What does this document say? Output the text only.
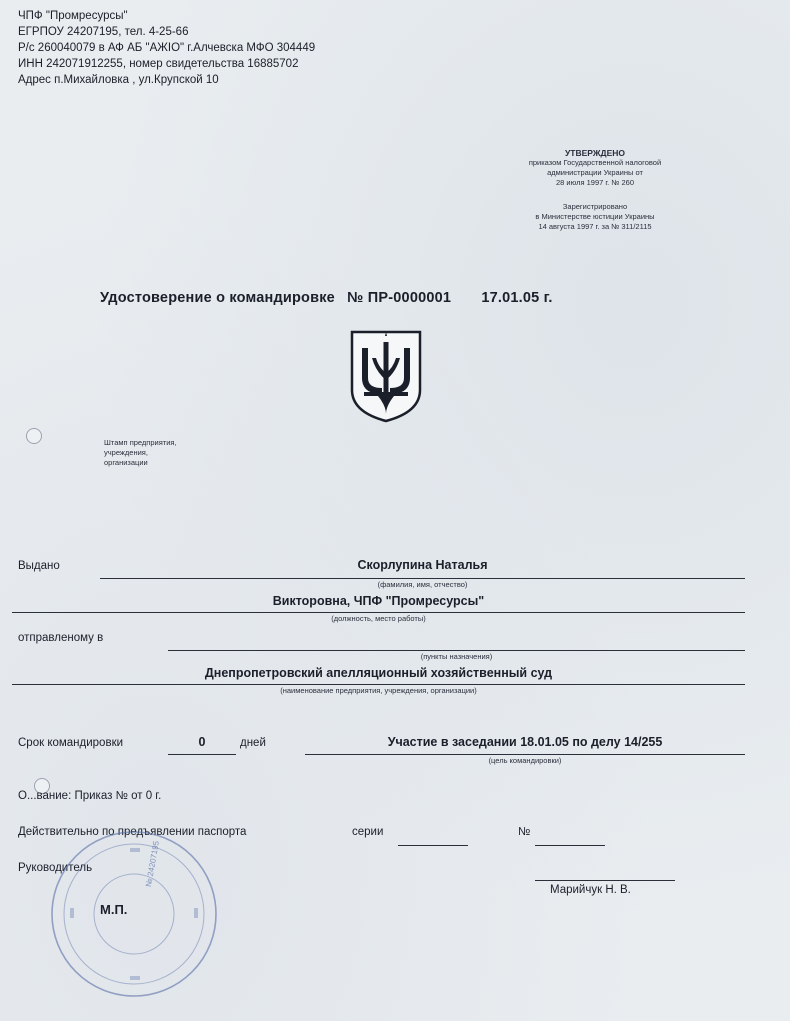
ЧПФ "Промресурсы"
ЕГРПОУ 24207195, тел. 4-25-66
Р/с 260040079 в АФ АБ "АЖІО" г.Алчевска МФО 304449
ИНН 242071912255, номер свидетельства 16885702
Адрес п.Михайловка , ул.Крупской 10
УТВЕРЖДЕНО
приказом Государственной налоговой
администрации Украины от
28 июля 1997 г. № 260
Зарегистрировано
в Министерстве юстиции Украины
14 августа 1997 г. за № 311/2115
Удостоверение о командировке № ПР-0000001 17.01.05 г.
Штамп предприятия,
учреждения,
организации
Выдано	Скорлупина Наталья
(фамилия, имя, отчество)
Викторовна, ЧПФ "Промресурсы"
(должность, место работы)
отправленому в
(пункты назначения)
Днепропетровский апелляционный хозяйственный суд
(наименование предприятия, учреждения, организации)
Срок командировки	0	дней	Участие в заседании 18.01.05 по делу 14/255
(цель командировки)
О...вание: Приказ № от 0 г.
Действительно по предъявлении паспорта	серии	№
Руководитель
Марийчук Н. В.
М.П.
№ 24207195
